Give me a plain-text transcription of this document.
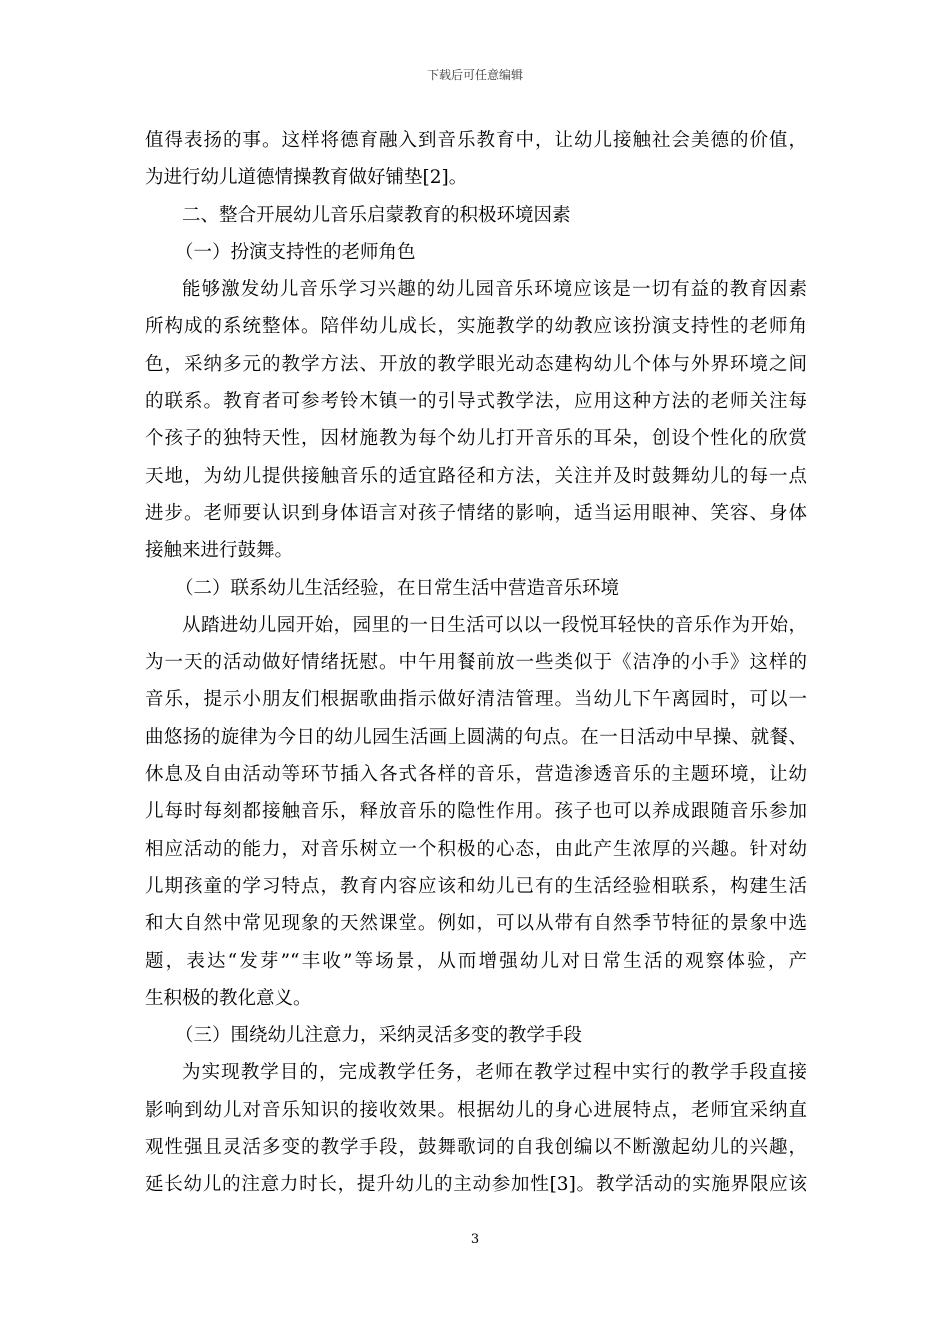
下载后可任意编辑
值得表扬的事。这样将德育融入到音乐教育中，让幼儿接触社会美德的价值，
为进行幼儿道德情操教育做好铺垫[2]。
二、整合开展幼儿音乐启蒙教育的积极环境因素
（一）扮演支持性的老师角色
能够激发幼儿音乐学习兴趣的幼儿园音乐环境应该是一切有益的教育因素
所构成的系统整体。陪伴幼儿成长，实施教学的幼教应该扮演支持性的老师角
色，采纳多元的教学方法、开放的教学眼光动态建构幼儿个体与外界环境之间
的联系。教育者可参考铃木镇一的引导式教学法，应用这种方法的老师关注每
个孩子的独特天性，因材施教为每个幼儿打开音乐的耳朵，创设个性化的欣赏
天地，为幼儿提供接触音乐的适宜路径和方法，关注并及时鼓舞幼儿的每一点
进步。老师要认识到身体语言对孩子情绪的影响，适当运用眼神、笑容、身体
接触来进行鼓舞。
（二）联系幼儿生活经验，在日常生活中营造音乐环境
从踏进幼儿园开始，园里的一日生活可以以一段悦耳轻快的音乐作为开始，
为一天的活动做好情绪抚慰。中午用餐前放一些类似于《洁净的小手》这样的
音乐，提示小朋友们根据歌曲指示做好清洁管理。当幼儿下午离园时，可以一
曲悠扬的旋律为今日的幼儿园生活画上圆满的句点。在一日活动中早操、就餐、
休息及自由活动等环节插入各式各样的音乐，营造渗透音乐的主题环境，让幼
儿每时每刻都接触音乐，释放音乐的隐性作用。孩子也可以养成跟随音乐参加
相应活动的能力，对音乐树立一个积极的心态，由此产生浓厚的兴趣。针对幼
儿期孩童的学习特点，教育内容应该和幼儿已有的生活经验相联系，构建生活
和大自然中常见现象的天然课堂。例如，可以从带有自然季节特征的景象中选
题，表达“发芽”“丰收”等场景，从而增强幼儿对日常生活的观察体验，产
生积极的教化意义。
（三）围绕幼儿注意力，采纳灵活多变的教学手段
为实现教学目的，完成教学任务，老师在教学过程中实行的教学手段直接
影响到幼儿对音乐知识的接收效果。根据幼儿的身心进展特点，老师宜采纳直
观性强且灵活多变的教学手段，鼓舞歌词的自我创编以不断激起幼儿的兴趣，
延长幼儿的注意力时长，提升幼儿的主动参加性[3]。教学活动的实施界限应该
3
